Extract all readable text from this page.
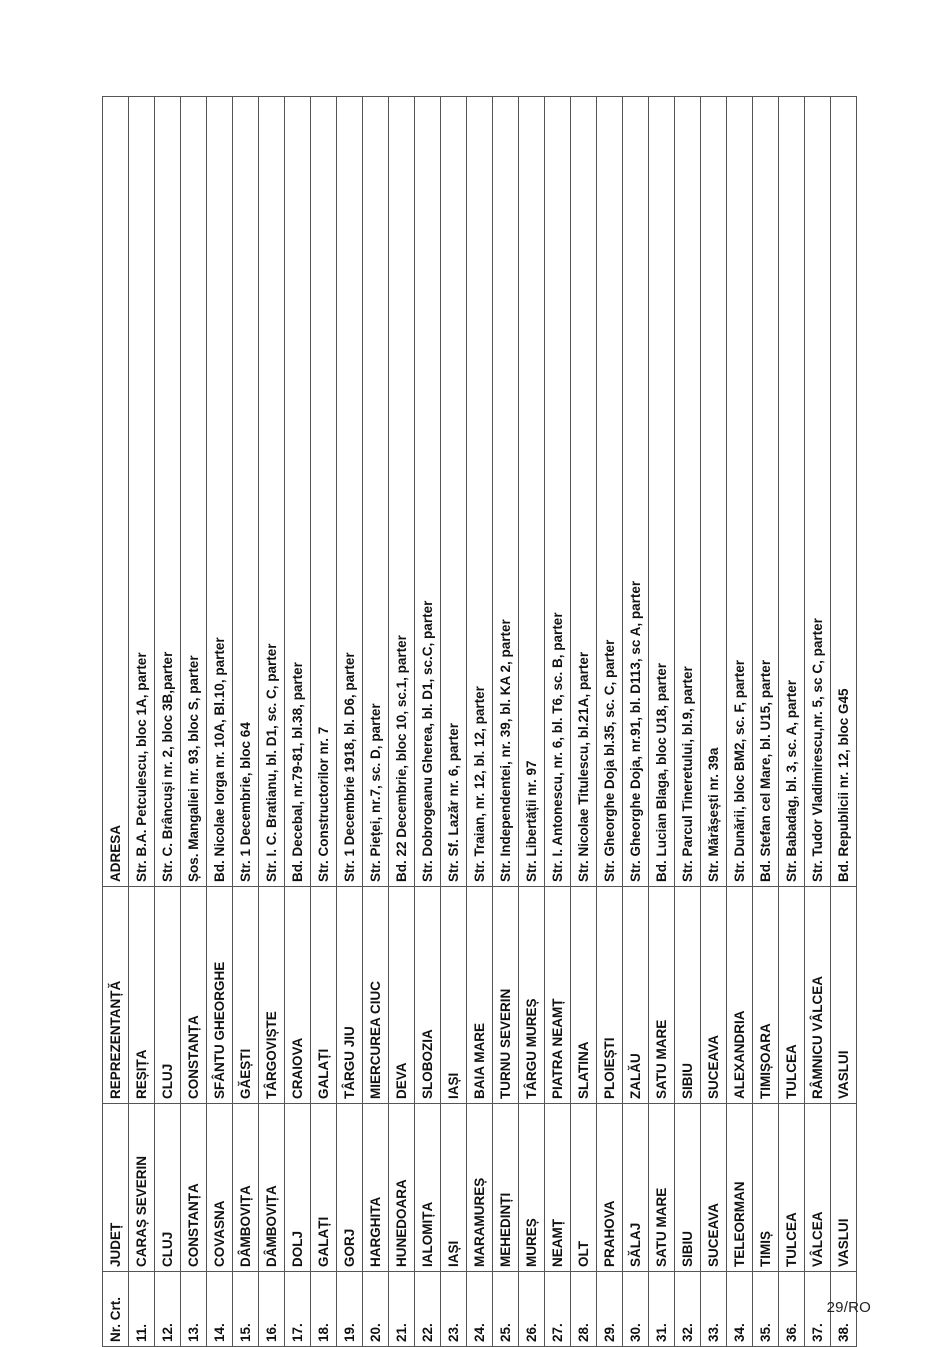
Nr. Crt.	JUDEȚ	REPREZENTANȚĂ	ADRESA
11.	CARAȘ SEVERIN	REȘIȚA	Str. B.A. Petculescu, bloc 1A, parter
12.	CLUJ	CLUJ	Str. C. Brâncuși nr. 2, bloc 3B,parter
13.	CONSTANȚA	CONSTANȚA	Șos. Mangaliei nr. 93, bloc S, parter
14.	COVASNA	SFÂNTU GHEORGHE	Bd. Nicolae Iorga nr. 10A, Bl.10, parter
15.	DÂMBOVIȚA	GĂEȘTI	Str. 1 Decembrie, bloc 64
16.	DÂMBOVIȚA	TÂRGOVIȘTE	Str. I. C. Bratianu, bl. D1, sc. C, parter
17.	DOLJ	CRAIOVA	Bd. Decebal, nr.79-81, bl.38, parter
18.	GALAȚI	GALAȚI	Str. Constructorilor nr. 7
19.	GORJ	TÂRGU JIU	Str. 1 Decembrie 1918, bl. D6, parter
20.	HARGHITA	MIERCUREA CIUC	Str. Pieței, nr.7, sc. D, parter
21.	HUNEDOARA	DEVA	Bd. 22 Decembrie, bloc 10, sc.1, parter
22.	IALOMIȚA	SLOBOZIA	Str. Dobrogeanu Gherea, bl. D1, sc.C, parter
23.	IAȘI	IAȘI	Str. Sf. Lazăr nr. 6, parter
24.	MARAMUREȘ	BAIA MARE	Str. Traian, nr. 12, bl. 12, parter
25.	MEHEDINȚI	TURNU SEVERIN	Str. Independentei, nr. 39, bl. KA 2, parter
26.	MUREȘ	TÂRGU MUREȘ	Str. Libertății nr. 97
27.	NEAMȚ	PIATRA NEAMȚ	Str. I. Antonescu, nr. 6, bl. T6, sc. B, parter
28.	OLT	SLATINA	Str. Nicolae Titulescu, bl.21A, parter
29.	PRAHOVA	PLOIEȘTI	Str. Gheorghe Doja bl.35, sc. C, parter
30.	SĂLAJ	ZALĂU	Str. Gheorghe Doja, nr.91, bl. D113, sc A, parter
31.	SATU MARE	SATU MARE	Bd. Lucian Blaga, bloc U18, parter
32.	SIBIU	SIBIU	Str. Parcul Tineretului, bl.9, parter
33.	SUCEAVA	SUCEAVA	Str. Mărășești nr. 39a
34.	TELEORMAN	ALEXANDRIA	Str. Dunării, bloc BM2, sc. F, parter
35.	TIMIȘ	TIMIȘOARA	Bd. Stefan cel Mare, bl. U15, parter
36.	TULCEA	TULCEA	Str. Babadag, bl. 3, sc. A, parter
37.	VÂLCEA	RÂMNICU VÂLCEA	Str. Tudor Vladimirescu,nr. 5, sc C, parter
38.	VASLUI	VASLUI	Bd. Republicii nr. 12, bloc G45
29/RO
